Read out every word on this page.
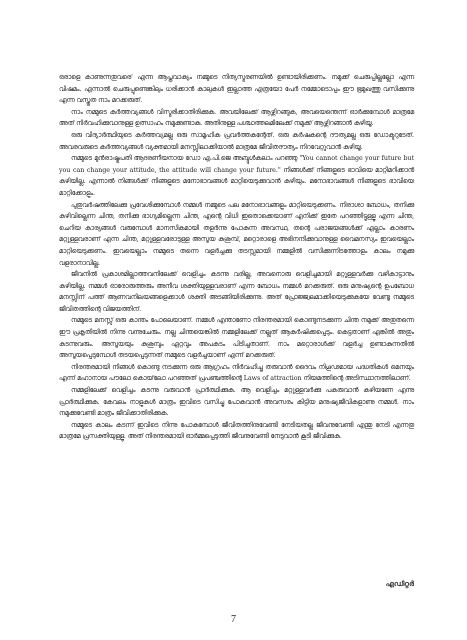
ഒരാളെ കാണുന്നതുവരെ' എന്ന ആപ്തവാക്യം നമ്മുടെ നിത്യസ്മരണയിൽ ഉണ്ടായിരിക്കണം. നമുക്ക് ചെരുപ്പില്ലല്ലോ എന്ന വിഷമം. എന്നാൽ ചെരുപ്പുണ്ടെങ്കിലും ധരിക്കാൻ കാലുകൾ ഇല്ലാത്ത എത്രയോ പേർ നമ്മോടൊപ്പം ഈ ഭൂമുഖത്തു വസിക്കുന്നു എന്ന വസ്തുത നാം മറക്കരുത്.

നാം നമ്മുടെ കർത്തവ്യങ്ങൾ വിസ്മരിക്കാതിരിക്കുക. അവയിലേക്ക് ആഴ്ന്നിറങ്ങുക, അവയെന്തെന്ന് ഓർക്കുമ്പോൾ മാത്രമേ അത് നിർവഹിക്കുവാനുള്ള ഉത്സാഹം നമുക്കുണ്ടാകു. അതിനുള്ള പശ്ചാത്തലമിലേക്ക് നമുക്ക് ആഴ്ന്നിറങ്ങാൻ കഴിയൂ.

ഒരു വിദ്യാർത്ഥിയുടെ കർത്തവ്യമല്ല ഒരു സാമൂഹിക പ്രവർത്തകന്റേത്. ഒരു കർഷകന്റെ ദൗത്യമല്ല ഒരു ഡോക്ടറുടേത്. അവരവരുടെ കർത്തവ്യങ്ങൾ വ്യക്തമായി മനസ്സിലാക്കിയാൽ മാത്രമേ ജീവിതദൗത്യം നിറവേറ്റുവാൻ കഴിയൂ.

നമ്മുടെ മുൻരാഷ്ട്രപതി ആദരണീയനായ ഡോ എ.പി.ജെ അബ്ദുൾകലാം പറഞ്ഞു "You cannot change your future but you can change your attitude, the attitude will change your future." നിങ്ങൾക്ക് നിങ്ങളുടെ ഭാവിയെ മാറ്റിമറിക്കാൻ കഴിയില്ല. എന്നാൽ നിങ്ങൾക്ക് നിങ്ങളുടെ മനോഭാവങ്ങൾ മാറ്റിയെടുക്കുവാൻ കഴിയും. മനോഭാവങ്ങൾ നിങ്ങളുടെ ഭാവിയെ മാറ്റിക്കോളും.

പുതുവർഷത്തിലേക്കു പ്രവേശിക്കുമ്പോൾ നമ്മൾ നമ്മുടെ പല മനോഭാവങ്ങളും മാറ്റിയെടുക്കണം. നിരാശാ ബോധം, തനിക്കു കഴിവില്ലെന്ന ചിന്ത, തനിക്കു ഭാഗ്യമില്ലെന്ന ചിന്ത, എന്റെ വിധി ഇതൊക്കെയാണ് എനിക്ക് ഇതേ പറഞ്ഞിട്ടുള്ളൂ എന്ന ചിന്ത, ചെറിയ കാര്യങ്ങൾ വരുമ്പോൾ മാനസികമായി തളർന്നു പോകുന്ന അവസ്ഥ, തന്റെ പരാജയങ്ങൾക്ക് എല്ലാം കാരണം മറ്റുള്ളവരാണ് എന്ന ചിന്ത, മറ്റുള്ളവരോടുള്ള അസൂയ കുശുമ്പ്, മറ്റൊരാളെ അഭിനന്ദിക്കുവാനുള്ള വൈമനസ്യം ഇവയെല്ലാം മാറ്റിയെടുക്കണം. ഇവയെല്ലാം നമ്മുടെ തന്നെ വളർച്ചക്കു തടസ്സമായി നമ്മളിൽ വസിക്കുന്നിടത്തോളം കാലം നമുക്കു വളരാനാവില്ല.

ജീവനിൽ പ്രകാശമില്ലാത്തവനിലേക്ക് വെളിച്ചം കടന്നു വരില്ല, അവനൊരു വെളിച്ചമായി മറ്റുള്ളവർക്കു വഴികാട്ടാനും കഴിയില്ല. നമ്മൾ ഓരോരുത്തരും അനീവ ശക്തിയുള്ളവരാണ് എന്ന ബോധം നമ്മൾ മറക്കരുത്. ഒരു മനുഷ്യന്റെ ഉപബോധ മനസ്സിന് പത്ത് ആണവനിലയങ്ങളെക്കാൾ ശക്തി അടങ്ങിയിരിക്കുന്നു. അത് പ്രോജ്ജ്വലമാക്കിയെടുക്കുകയേ വേണ്ടൂ നമ്മുടെ ജീവിതത്തിന്റെ വിജയത്തിന്.

നമ്മുടെ മനസ്സ് ഒരു കാന്തം പോലെയാണ്. നമ്മൾ എന്താണോ നിരന്തരമായി കൊണ്ടുനടക്കുന്ന ചിന്ത നമുക്ക് അതുതന്നെ ഈ പ്രകൃതിയിൽ നിന്നു വന്നുചേരും. നല്ല ചിന്തയെങ്കിൽ നമ്മളിലേക്ക് നല്ലത് ആകർഷിക്കപ്പെടും. കെട്ടതാണ് എങ്കിൽ അതും കടന്നുവരും. അസൂയയും കുശുമ്പും ഏറ്റവും അപകടം പിടിച്ചതാണ്. നാം മറ്റൊരാൾക്ക് വളർച്ച ഉണ്ടാകുന്നതിൽ അസൂയപ്പെടുമ്പോൾ തടയപ്പെടുന്നത് നമ്മുടെ വളർച്ചയാണ് എന്ന് മറക്കരുത്.

നിരന്തരമായി നിങ്ങൾ കൊണ്ടു നടക്കുന്ന ഒരു ആഗ്രഹം നിർവഹിച്ചു തരുവാൻ ദൈവം നിഗൂഢമായ പദ്ധതികൾ മെനയും എന്ന് മഹാനായ പൗലോ കൊയ്‌ലോ പറഞ്ഞത് പ്രപഞ്ചത്തിന്റെ Laws of attraction നിയമത്തിന്റെ അടിസ്ഥാനത്തിലാണ്.

നമ്മളിലേക്ക് വെളിച്ചം കടന്നു വരുവാൻ പ്രാർത്ഥിക്കുക. ആ വെളിച്ചം മറ്റുള്ളവർക്കു പകരുവാൻ കഴിയണേ എന്നു പ്രാർത്ഥിക്കുക. കേവലം നാളുകൾ മാത്രം ഇവിടെ വസിച്ചു പോകുവാൻ അവസരം കിട്ടിയ മനുഷ്യജീവികളാണു നമ്മൾ. നാം നമുക്കുവേണ്ടി മാത്രം ജീവിക്കാതിരിക്കുക.

നമ്മുടെ കാലം കടന്ന് ഇവിടെ നിന്നു പോകുമ്പോൾ ജീവിതത്തിനുവേണ്ടി നേടിയതല്ല ജീവനുവേണ്ടി എന്തു നേടി എന്നതു മാത്രമേ പ്രസക്തിയുള്ളൂ. അത് നിരന്തരമായി ഓർമ്മപ്പെടുത്തി ജീവനുവേണ്ടി നേടുവാൻ കൂടി ജീവിക്കുക.

എഡിറ്റർ
7
